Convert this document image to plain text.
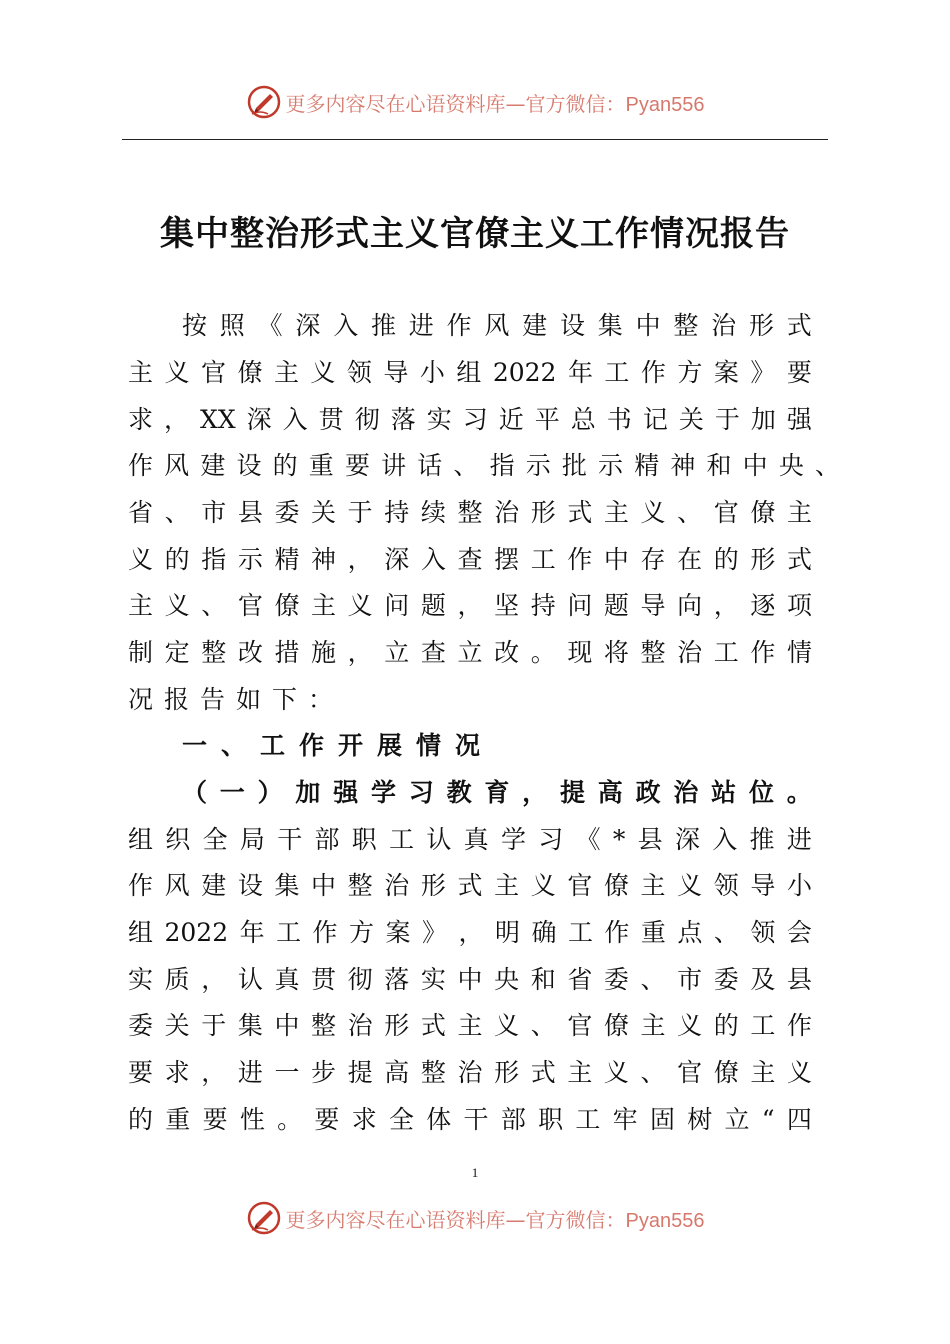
更多内容尽在心语资料库—官方微信：Pyan556
集中整治形式主义官僚主义工作情况报告
按 照 《 深 入 推 进 作 风 建 设 集 中 整 治 形 式
主 义 官 僚 主 义 领 导 小 组 2022 年 工 作 方 案 》 要
求 ， XX 深 入 贯 彻 落 实 习 近 平 总 书 记 关 于 加 强
作 风 建 设 的 重 要 讲 话 、 指 示 批 示 精 神 和 中 央 、
省 、 市 县 委 关 于 持 续 整 治 形 式 主 义 、 官 僚 主
义 的 指 示 精 神 ， 深 入 查 摆 工 作 中 存 在 的 形 式
主 义 、 官 僚 主 义 问 题 ， 坚 持 问 题 导 向 ， 逐 项
制 定 整 改 措 施 ， 立 查 立 改 。 现 将 整 治 工 作 情
况报告如下：
一、工作开展情况
（ 一 ） 加 强 学 习 教 育 ， 提 高 政 治 站 位 。
组 织 全 局 干 部 职 工 认 真 学 习 《 * 县 深 入 推 进
作 风 建 设 集 中 整 治 形 式 主 义 官 僚 主 义 领 导 小
组 2022 年 工 作 方 案 》 ， 明 确 工 作 重 点 、 领 会
实 质 ， 认 真 贯 彻 落 实 中 央 和 省 委 、 市 委 及 县
委 关 于 集 中 整 治 形 式 主 义 、 官 僚 主 义 的 工 作
要 求 ， 进 一 步 提 高 整 治 形 式 主 义 、 官 僚 主 义
的 重 要 性 。 要 求 全 体 干 部 职 工 牢 固 树 立 “ 四
1
更多内容尽在心语资料库—官方微信：Pyan556
